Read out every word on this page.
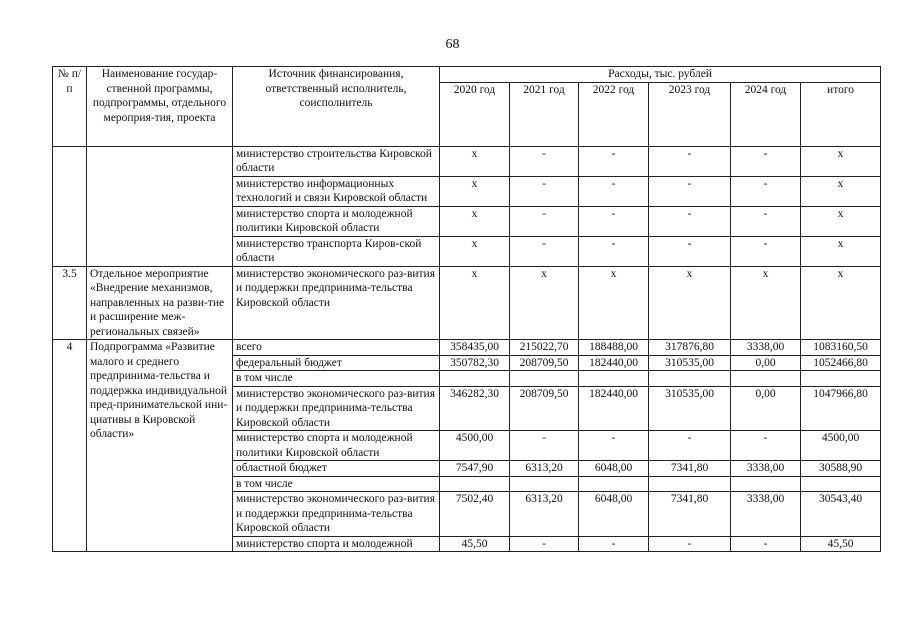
68
№ п/п	Наименование государ-ственной программы, подпрограммы, отдельного мероприя-тия, проекта	Источник финансирования, ответственный исполнитель, соисполнитель	Расходы, тыс. рублей					
			2020 год	2021 год	2022 год	2023 год	2024 год	итого
		министерство строительства Кировской области	x	-	-	-	-	x
		министерство информационных технологий и связи Кировской области	x	-	-	-	-	x
		министерство спорта и молодежной политики Кировской области	x	-	-	-	-	x
		министерство транспорта Киров-ской области	x	-	-	-	-	x
3.5	Отдельное мероприятие «Внедрение механизмов, направленных на разви-тие и расширение меж-региональных связей»	министерство экономического раз-вития и поддержки предпринима-тельства Кировской области	x	x	x	x	x	x
4	Подпрограмма «Развитие малого и среднего предпринима-тельства и поддержка индивидуальной пред-принимательской ини-циативы в Кировской области»	всего	358435,00	215022,70	188488,00	317876,80	3338,00	1083160,50
		федеральный бюджет	350782,30	208709,50	182440,00	310535,00	0,00	1052466,80
		в том числе						
		министерство экономического раз-вития и поддержки предпринима-тельства Кировской области	346282,30	208709,50	182440,00	310535,00	0,00	1047966,80
		министерство спорта и молодежной политики Кировской области	4500,00	-	-	-	-	4500,00
		областной бюджет	7547,90	6313,20	6048,00	7341,80	3338,00	30588,90
		в том числе						
		министерство экономического раз-вития и поддержки предпринима-тельства Кировской области	7502,40	6313,20	6048,00	7341,80	3338,00	30543,40
		министерство спорта и молодежной	45,50	-	-	-	-	45,50
